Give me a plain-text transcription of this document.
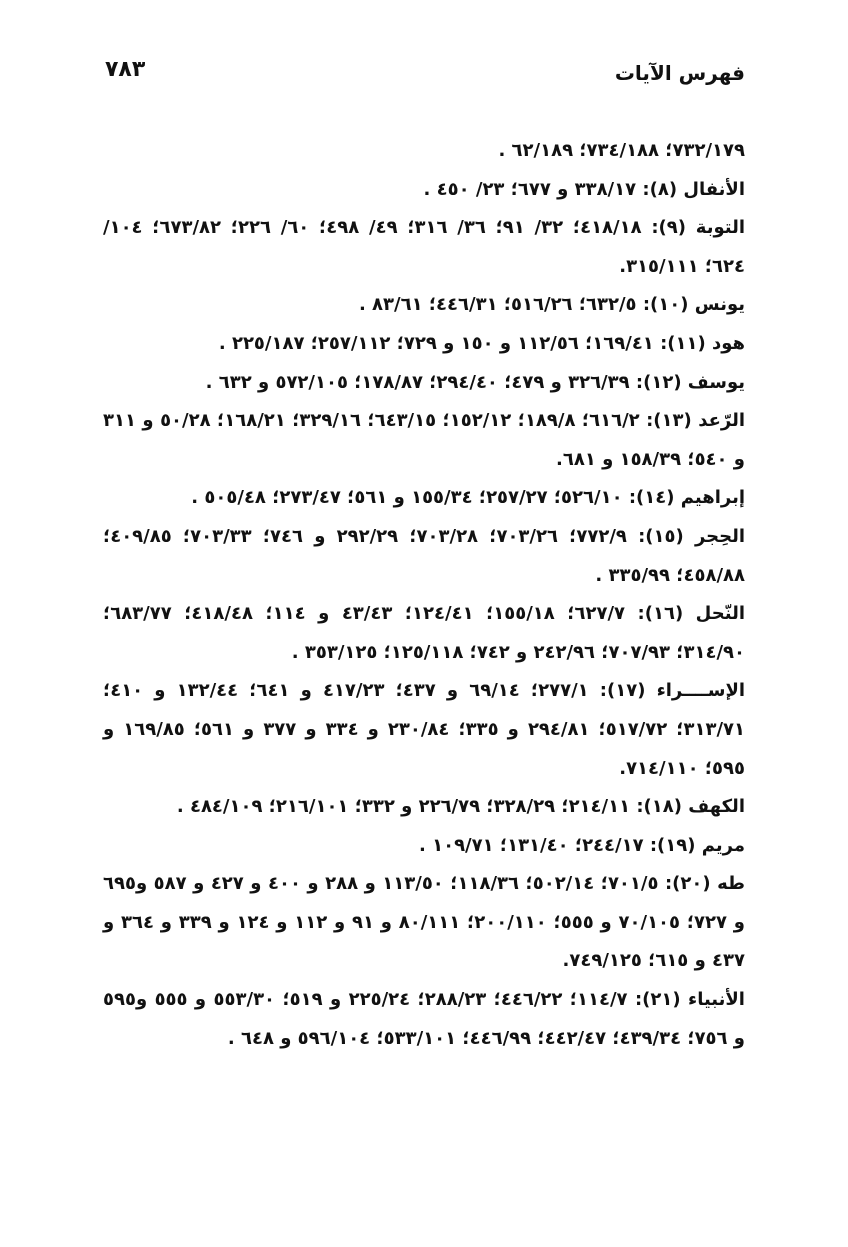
فهرس الآيات
٧٨٣

٧٣٢/١٧٩؛ ٧٣٤/١٨٨؛ ٦٢/١٨٩ .

الأنفال (٨): ٣٣٨/١٧ و ٦٧٧؛ ٢٣/ ٤٥٠ .

التوبة (٩): ٤١٨/١٨؛ ٣٢/ ٩١؛ ٣٦/ ٣١٦؛ ٤٩/ ٤٩٨؛ ٦٠/ ٢٢٦؛ ٦٧٣/٨٢؛ ١٠٤/ ٦٢٤؛ ٣١٥/١١١.

يونس (١٠): ٦٣٢/٥؛ ٥١٦/٢٦؛ ٤٤٦/٣١؛ ٨٣/٦١ .

هود (١١): ١٦٩/٤١؛ ١١٢/٥٦ و ١٥٠ و ٧٢٩؛ ٢٥٧/١١٢؛ ٢٢٥/١٨٧ .

يوسف (١٢): ٣٢٦/٣٩ و ٤٧٩؛ ٢٩٤/٤٠؛ ١٧٨/٨٧؛ ٥٧٢/١٠٥ و ٦٣٢ .

الرّعد (١٣): ٦١٦/٢؛ ١٨٩/٨؛ ١٥٢/١٢؛ ٦٤٣/١٥؛ ٣٢٩/١٦؛ ١٦٨/٢١؛ ٥٠/٢٨ و ٣١١ و ٥٤٠؛ ١٥٨/٣٩ و ٦٨١.

إبراهيم (١٤): ٥٢٦/١٠؛ ٢٥٧/٢٧؛ ١٥٥/٣٤ و ٥٦١؛ ٢٧٣/٤٧؛ ٥٠٥/٤٨ .

الحِجر (١٥): ٧٧٢/٩؛ ٧٠٣/٢٦؛ ٧٠٣/٢٨؛ ٢٩٢/٢٩ و ٧٤٦؛ ٧٠٣/٣٣؛ ٤٠٩/٨٥؛ ٤٥٨/٨٨؛ ٣٣٥/٩٩ .

النّحل (١٦): ٦٢٧/٧؛ ١٥٥/١٨؛ ١٢٤/٤١؛ ٤٣/٤٣ و ١١٤؛ ٤١٨/٤٨؛ ٦٨٣/٧٧؛ ٣١٤/٩٠؛ ٧٠٧/٩٣؛ ٢٤٢/٩٦ و ٧٤٢؛ ١٢٥/١١٨؛ ٣٥٣/١٢٥ .

الإســــراء (١٧): ٢٧٧/١؛ ٦٩/١٤ و ٤٣٧؛ ٤١٧/٢٣ و ٦٤١؛ ١٣٢/٤٤ و ٤١٠؛ ٣١٣/٧١؛ ٥١٧/٧٢؛ ٢٩٤/٨١ و ٣٣٥؛ ٢٣٠/٨٤ و ٣٣٤ و ٣٧٧ و ٥٦١؛ ١٦٩/٨٥ و ٥٩٥؛ ٧١٤/١١٠.

الكهف (١٨): ٢١٤/١١؛ ٣٢٨/٢٩؛ ٢٢٦/٧٩ و ٣٣٢؛ ٢١٦/١٠١؛ ٤٨٤/١٠٩ .

مريم (١٩): ٢٤٤/١٧؛ ١٣١/٤٠؛ ١٠٩/٧١ .

طه (٢٠): ٧٠١/٥؛ ٥٠٢/١٤؛ ١١٨/٣٦؛ ١١٣/٥٠ و ٢٨٨ و ٤٠٠ و ٤٢٧ و ٥٨٧ و٦٩٥ و ٧٢٧؛ ٧٠/١٠٥ و ٥٥٥؛ ٢٠٠/١١٠؛ ٨٠/١١١ و ٩١ و ١١٢ و ١٢٤ و ٣٣٩ و ٣٦٤ و ٤٣٧ و ٦١٥؛ ٧٤٩/١٢٥.

الأنبياء (٢١): ١١٤/٧؛ ٤٤٦/٢٢؛ ٢٨٨/٢٣؛ ٢٢٥/٢٤ و ٥١٩؛ ٥٥٣/٣٠ و ٥٥٥ و٥٩٥ و ٧٥٦؛ ٤٣٩/٣٤؛ ٤٤٢/٤٧؛ ٤٤٦/٩٩؛ ٥٣٣/١٠١؛ ٥٩٦/١٠٤ و ٦٤٨ .
